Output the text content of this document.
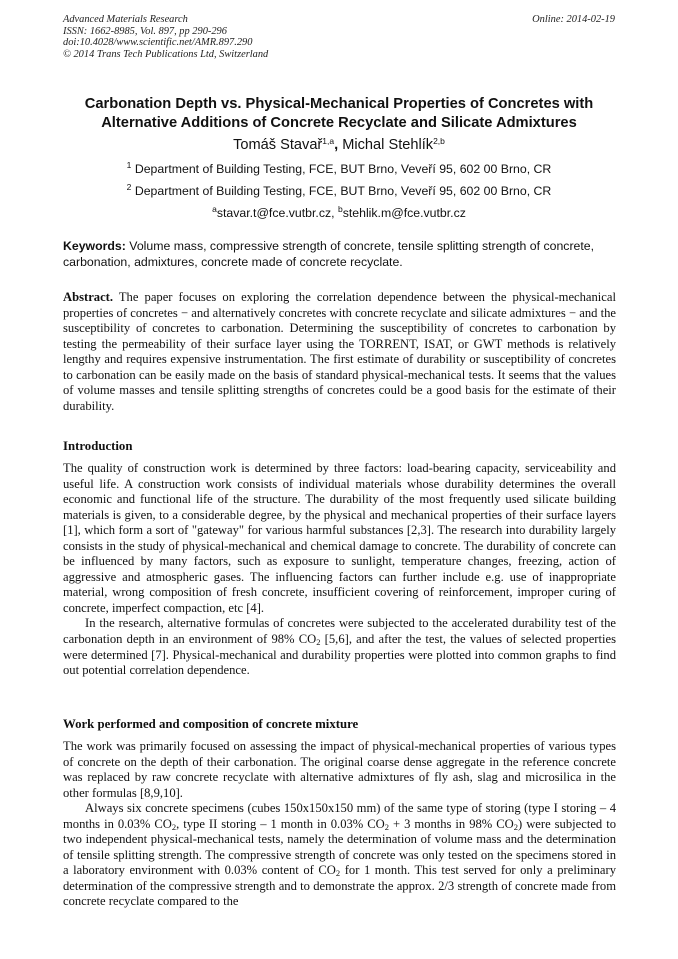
Advanced Materials Research
ISSN: 1662-8985, Vol. 897, pp 290-296
doi:10.4028/www.scientific.net/AMR.897.290
© 2014 Trans Tech Publications Ltd, Switzerland
Online: 2014-02-19
Carbonation Depth vs. Physical-Mechanical Properties of Concretes with
Alternative Additions of Concrete Recyclate and Silicate Admixtures
Tomáš Stavař$^{1,a}$, Michal Stehlík$^{2,b}$
$^1$ Department of Building Testing, FCE, BUT Brno, Veveří 95, 602 00 Brno, CR
$^2$ Department of Building Testing, FCE, BUT Brno, Veveří 95, 602 00 Brno, CR
$^a$stavar.t@fce.vutbr.cz, $^b$stehlik.m@fce.vutbr.cz
Keywords: Volume mass, compressive strength of concrete, tensile splitting strength of concrete, carbonation, admixtures, concrete made of concrete recyclate.
Abstract. The paper focuses on exploring the correlation dependence between the physical-mechanical properties of concretes − and alternatively concretes with concrete recyclate and silicate admixtures − and the susceptibility of concretes to carbonation. Determining the susceptibility of concretes to carbonation by testing the permeability of their surface layer using the TORRENT, ISAT, or GWT methods is relatively lengthy and requires expensive instrumentation. The first estimate of durability or susceptibility of concretes to carbonation can be easily made on the basis of standard physical-mechanical tests. It seems that the values of volume masses and tensile splitting strengths of concretes could be a good basis for the estimate of their durability.
Introduction
The quality of construction work is determined by three factors: load-bearing capacity, serviceability and useful life. A construction work consists of individual materials whose durability determines the overall economic and functional life of the structure. The durability of the most frequently used silicate building materials is given, to a considerable degree, by the physical and mechanical properties of their surface layers [1], which form a sort of "gateway" for various harmful substances [2,3]. The research into durability largely consists in the study of physical-mechanical and chemical damage to concrete. The durability of concrete can be influenced by many factors, such as exposure to sunlight, temperature changes, freezing, action of aggressive and atmospheric gases. The influencing factors can further include e.g. use of inappropriate material, wrong composition of fresh concrete, insufficient covering of reinforcement, improper curing of concrete, imperfect compaction, etc [4].
In the research, alternative formulas of concretes were subjected to the accelerated durability test of the carbonation depth in an environment of 98% $CO_2$ [5,6], and after the test, the values of selected properties were determined [7]. Physical-mechanical and durability properties were plotted into common graphs to find out potential correlation dependence.
Work performed and composition of concrete mixture
The work was primarily focused on assessing the impact of physical-mechanical properties of various types of concrete on the depth of their carbonation. The original coarse dense aggregate in the reference concrete was replaced by raw concrete recyclate with alternative admixtures of fly ash, slag and microsilica in the other formulas [8,9,10].
Always six concrete specimens (cubes 150x150x150 mm) of the same type of storing (type I storing – 4 months in 0.03% $CO_2$, type II storing – 1 month in 0.03% $CO_2 + 3$ months in 98% $CO_2$) were subjected to two independent physical-mechanical tests, namely the determination of volume mass and the determination of tensile splitting strength. The compressive strength of concrete was only tested on the specimens stored in a laboratory environment with 0.03% content of $CO_2$ for 1 month. This test served for only a preliminary determination of the compressive strength and to demonstrate the approx. 2/3 strength of concrete made from concrete recyclate compared to the
